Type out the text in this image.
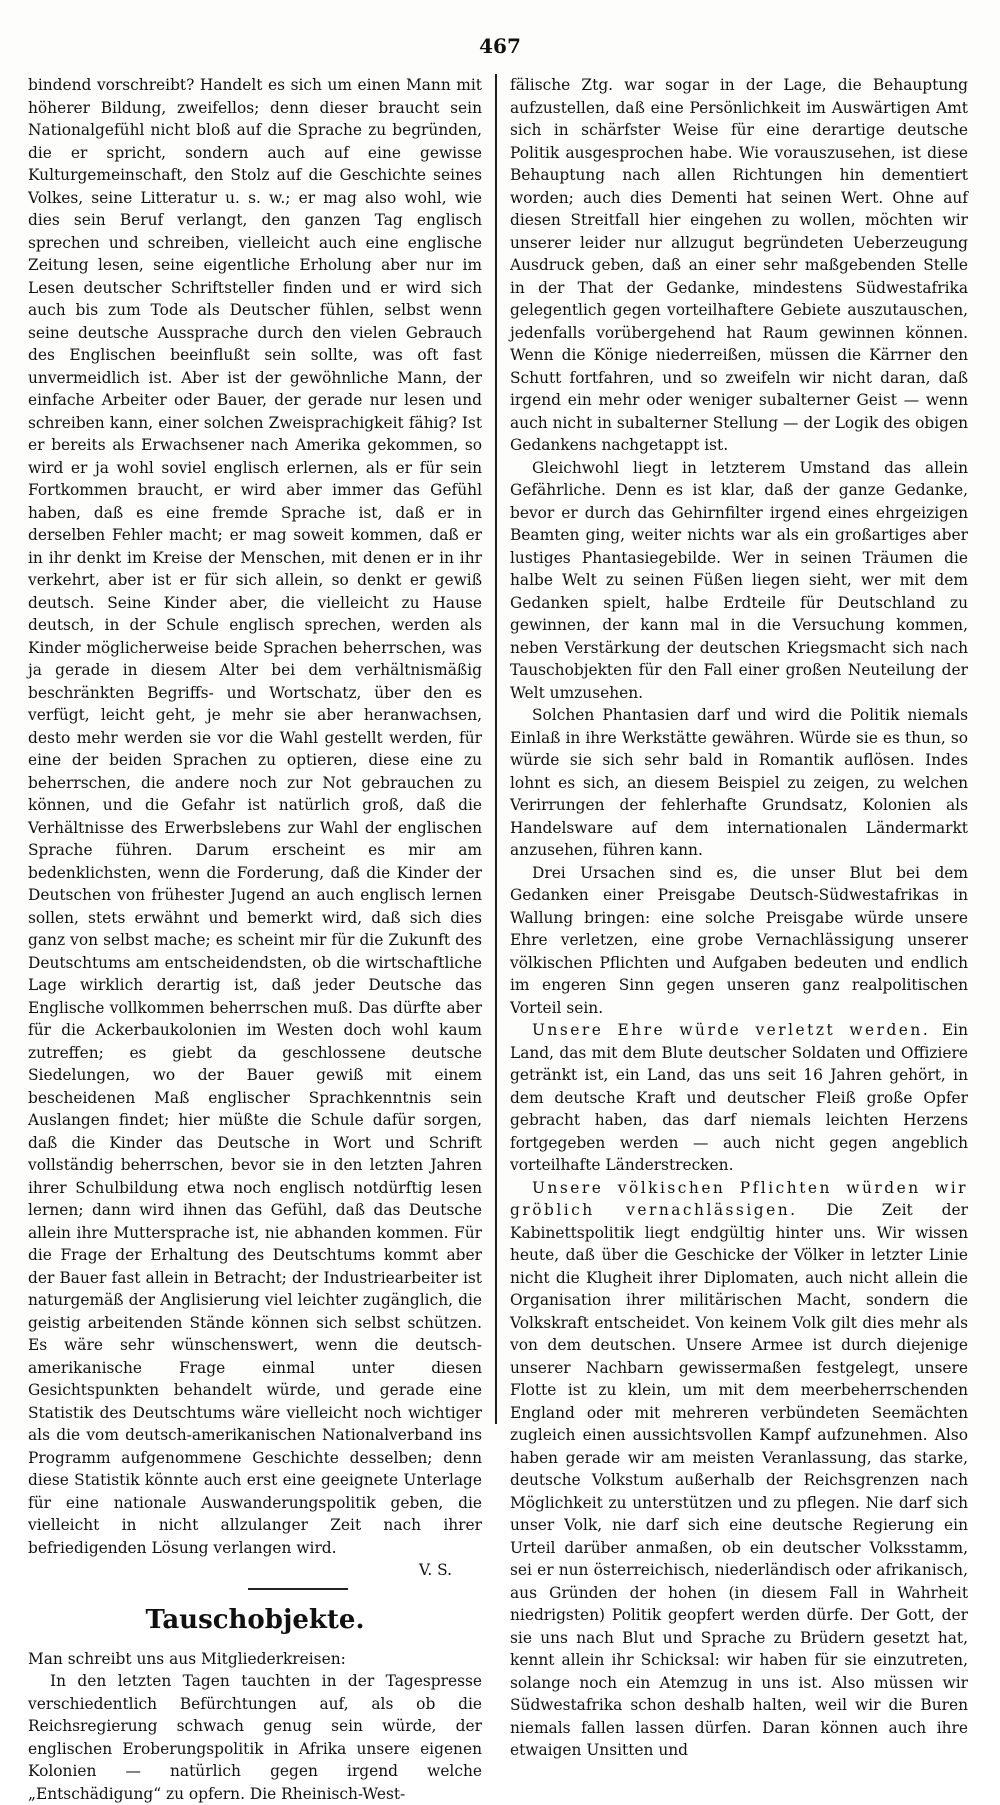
467

bindend vorschreibt? Handelt es sich um einen Mann mit höherer Bildung, zweifellos; denn dieser braucht sein Nationalgefühl nicht bloß auf die Sprache zu begründen, die er spricht, sondern auch auf eine gewisse Kulturgemeinschaft, den Stolz auf die Geschichte seines Volkes, seine Litteratur u. s. w.; er mag also wohl, wie dies sein Beruf verlangt, den ganzen Tag englisch sprechen und schreiben, vielleicht auch eine englische Zeitung lesen, seine eigentliche Erholung aber nur im Lesen deutscher Schriftsteller finden und er wird sich auch bis zum Tode als Deutscher fühlen, selbst wenn seine deutsche Aussprache durch den vielen Gebrauch des Englischen beeinflußt sein sollte, was oft fast unvermeidlich ist. Aber ist der gewöhnliche Mann, der einfache Arbeiter oder Bauer, der gerade nur lesen und schreiben kann, einer solchen Zweisprachigkeit fähig? Ist er bereits als Erwachsener nach Amerika gekommen, so wird er ja wohl soviel englisch erlernen, als er für sein Fortkommen braucht, er wird aber immer das Gefühl haben, daß es eine fremde Sprache ist, daß er in derselben Fehler macht; er mag soweit kommen, daß er in ihr denkt im Kreise der Menschen, mit denen er in ihr verkehrt, aber ist er für sich allein, so denkt er gewiß deutsch. Seine Kinder aber, die vielleicht zu Hause deutsch, in der Schule englisch sprechen, werden als Kinder möglicherweise beide Sprachen beherrschen, was ja gerade in diesem Alter bei dem verhältnismäßig beschränkten Begriffs- und Wortschatz, über den es verfügt, leicht geht, je mehr sie aber heranwachsen, desto mehr werden sie vor die Wahl gestellt werden, für eine der beiden Sprachen zu optieren, diese eine zu beherrschen, die andere noch zur Not gebrauchen zu können, und die Gefahr ist natürlich groß, daß die Verhältnisse des Erwerbslebens zur Wahl der englischen Sprache führen. Darum erscheint es mir am bedenklichsten, wenn die Forderung, daß die Kinder der Deutschen von frühester Jugend an auch englisch lernen sollen, stets erwähnt und bemerkt wird, daß sich dies ganz von selbst mache; es scheint mir für die Zukunft des Deutschtums am entscheidendsten, ob die wirtschaftliche Lage wirklich derartig ist, daß jeder Deutsche das Englische vollkommen beherrschen muß. Das dürfte aber für die Ackerbaukolonien im Westen doch wohl kaum zutreffen; es giebt da geschlossene deutsche Siedelungen, wo der Bauer gewiß mit einem bescheidenen Maß englischer Sprachkenntnis sein Auslangen findet; hier müßte die Schule dafür sorgen, daß die Kinder das Deutsche in Wort und Schrift vollständig beherrschen, bevor sie in den letzten Jahren ihrer Schulbildung etwa noch englisch notdürftig lesen lernen; dann wird ihnen das Gefühl, daß das Deutsche allein ihre Muttersprache ist, nie abhanden kommen. Für die Frage der Erhaltung des Deutschtums kommt aber der Bauer fast allein in Betracht; der Industriearbeiter ist naturgemäß der Anglisierung viel leichter zugänglich, die geistig arbeitenden Stände können sich selbst schützen. Es wäre sehr wünschenswert, wenn die deutsch-amerikanische Frage einmal unter diesen Gesichtspunkten behandelt würde, und gerade eine Statistik des Deutschtums wäre vielleicht noch wichtiger als die vom deutsch-amerikanischen Nationalverband ins Programm aufgenommene Geschichte desselben; denn diese Statistik könnte auch erst eine geeignete Unterlage für eine nationale Auswanderungspolitik geben, die vielleicht in nicht allzulanger Zeit nach ihrer befriedigenden Lösung verlangen wird.

V. S.

Tauschobjekte.

Man schreibt uns aus Mitgliederkreisen:

In den letzten Tagen tauchten in der Tagespresse verschiedentlich Befürchtungen auf, als ob die Reichsregierung schwach genug sein würde, der englischen Eroberungspolitik in Afrika unsere eigenen Kolonien — natürlich gegen irgend welche „Entschädigung“ zu opfern. Die Rheinisch-West-

fälische Ztg. war sogar in der Lage, die Behauptung aufzustellen, daß eine Persönlichkeit im Auswärtigen Amt sich in schärfster Weise für eine derartige deutsche Politik ausgesprochen habe. Wie vorauszusehen, ist diese Behauptung nach allen Richtungen hin dementiert worden; auch dies Dementi hat seinen Wert. Ohne auf diesen Streitfall hier eingehen zu wollen, möchten wir unserer leider nur allzugut begründeten Ueberzeugung Ausdruck geben, daß an einer sehr maßgebenden Stelle in der That der Gedanke, mindestens Südwestafrika gelegentlich gegen vorteilhaftere Gebiete auszutauschen, jedenfalls vorübergehend hat Raum gewinnen können. Wenn die Könige niederreißen, müssen die Kärrner den Schutt fortfahren, und so zweifeln wir nicht daran, daß irgend ein mehr oder weniger subalterner Geist — wenn auch nicht in subalterner Stellung — der Logik des obigen Gedankens nachgetappt ist.

Gleichwohl liegt in letzterem Umstand das allein Gefährliche. Denn es ist klar, daß der ganze Gedanke, bevor er durch das Gehirnfilter irgend eines ehrgeizigen Beamten ging, weiter nichts war als ein großartiges aber lustiges Phantasiegebilde. Wer in seinen Träumen die halbe Welt zu seinen Füßen liegen sieht, wer mit dem Gedanken spielt, halbe Erdteile für Deutschland zu gewinnen, der kann mal in die Versuchung kommen, neben Verstärkung der deutschen Kriegsmacht sich nach Tauschobjekten für den Fall einer großen Neuteilung der Welt umzusehen.

Solchen Phantasien darf und wird die Politik niemals Einlaß in ihre Werkstätte gewähren. Würde sie es thun, so würde sie sich sehr bald in Romantik auflösen. Indes lohnt es sich, an diesem Beispiel zu zeigen, zu welchen Verirrungen der fehlerhafte Grundsatz, Kolonien als Handelsware auf dem internationalen Ländermarkt anzusehen, führen kann.

Drei Ursachen sind es, die unser Blut bei dem Gedanken einer Preisgabe Deutsch-Südwestafrikas in Wallung bringen: eine solche Preisgabe würde unsere Ehre verletzen, eine grobe Vernachlässigung unserer völkischen Pflichten und Aufgaben bedeuten und endlich im engeren Sinn gegen unseren ganz realpolitischen Vorteil sein.

Unsere Ehre würde verletzt werden. Ein Land, das mit dem Blute deutscher Soldaten und Offiziere getränkt ist, ein Land, das uns seit 16 Jahren gehört, in dem deutsche Kraft und deutscher Fleiß große Opfer gebracht haben, das darf niemals leichten Herzens fortgegeben werden — auch nicht gegen angeblich vorteilhafte Länderstrecken.

Unsere völkischen Pflichten würden wir gröblich vernachlässigen. Die Zeit der Kabinettspolitik liegt endgültig hinter uns. Wir wissen heute, daß über die Geschicke der Völker in letzter Linie nicht die Klugheit ihrer Diplomaten, auch nicht allein die Organisation ihrer militärischen Macht, sondern die Volkskraft entscheidet. Von keinem Volk gilt dies mehr als von dem deutschen. Unsere Armee ist durch diejenige unserer Nachbarn gewissermaßen festgelegt, unsere Flotte ist zu klein, um mit dem meerbeherrschenden England oder mit mehreren verbündeten Seemächten zugleich einen aussichtsvollen Kampf aufzunehmen. Also haben gerade wir am meisten Veranlassung, das starke, deutsche Volkstum außerhalb der Reichsgrenzen nach Möglichkeit zu unterstützen und zu pflegen. Nie darf sich unser Volk, nie darf sich eine deutsche Regierung ein Urteil darüber anmaßen, ob ein deutscher Volksstamm, sei er nun österreichisch, niederländisch oder afrikanisch, aus Gründen der hohen (in diesem Fall in Wahrheit niedrigsten) Politik geopfert werden dürfe. Der Gott, der sie uns nach Blut und Sprache zu Brüdern gesetzt hat, kennt allein ihr Schicksal: wir haben für sie einzutreten, solange noch ein Atemzug in uns ist. Also müssen wir Südwestafrika schon deshalb halten, weil wir die Buren niemals fallen lassen dürfen. Daran können auch ihre etwaigen Unsitten und
